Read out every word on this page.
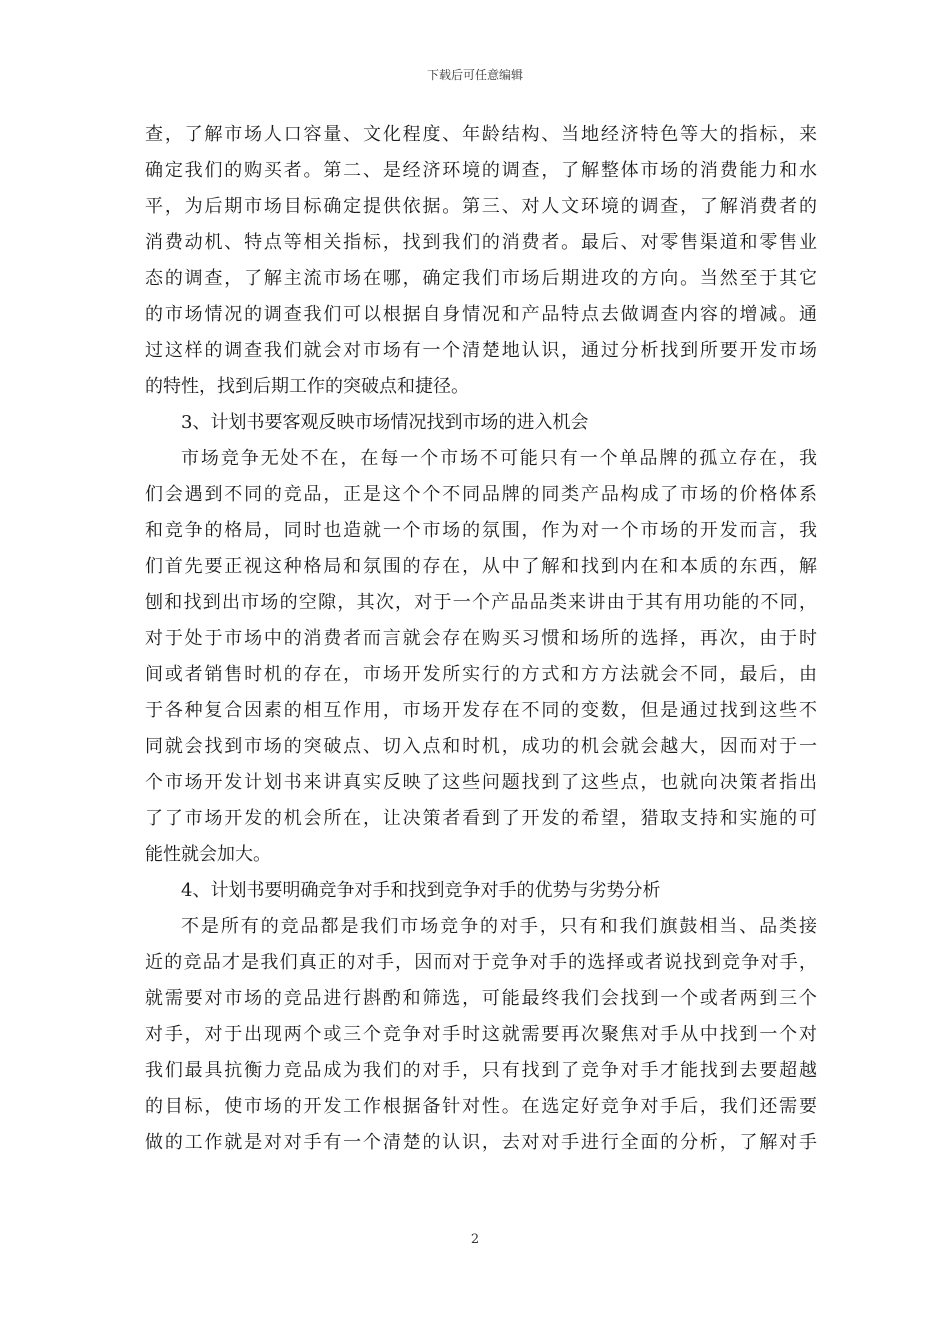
下载后可任意编辑
查，了解市场人口容量、文化程度、年龄结构、当地经济特色等大的指标，来
确定我们的购买者。第二、是经济环境的调查，了解整体市场的消费能力和水
平，为后期市场目标确定提供依据。第三、对人文环境的调查，了解消费者的
消费动机、特点等相关指标，找到我们的消费者。最后、对零售渠道和零售业
态的调查，了解主流市场在哪，确定我们市场后期进攻的方向。当然至于其它
的市场情况的调查我们可以根据自身情况和产品特点去做调查内容的增减。通
过这样的调查我们就会对市场有一个清楚地认识，通过分析找到所要开发市场
的特性，找到后期工作的突破点和捷径。
3、计划书要客观反映市场情况找到市场的进入机会
市场竞争无处不在，在每一个市场不可能只有一个单品牌的孤立存在，我
们会遇到不同的竞品，正是这个个不同品牌的同类产品构成了市场的价格体系
和竞争的格局，同时也造就一个市场的氛围，作为对一个市场的开发而言，我
们首先要正视这种格局和氛围的存在，从中了解和找到内在和本质的东西，解
刨和找到出市场的空隙，其次，对于一个产品品类来讲由于其有用功能的不同，
对于处于市场中的消费者而言就会存在购买习惯和场所的选择，再次，由于时
间或者销售时机的存在，市场开发所实行的方式和方方法就会不同，最后，由
于各种复合因素的相互作用，市场开发存在不同的变数，但是通过找到这些不
同就会找到市场的突破点、切入点和时机，成功的机会就会越大，因而对于一
个市场开发计划书来讲真实反映了这些问题找到了这些点，也就向决策者指出
了了市场开发的机会所在，让决策者看到了开发的希望，猎取支持和实施的可
能性就会加大。
4、计划书要明确竞争对手和找到竞争对手的优势与劣势分析
不是所有的竞品都是我们市场竞争的对手，只有和我们旗鼓相当、品类接
近的竞品才是我们真正的对手，因而对于竞争对手的选择或者说找到竞争对手，
就需要对市场的竞品进行斟酌和筛选，可能最终我们会找到一个或者两到三个
对手，对于出现两个或三个竞争对手时这就需要再次聚焦对手从中找到一个对
我们最具抗衡力竞品成为我们的对手，只有找到了竞争对手才能找到去要超越
的目标，使市场的开发工作根据备针对性。在选定好竞争对手后，我们还需要
做的工作就是对对手有一个清楚的认识，去对对手进行全面的分析，了解对手
2
